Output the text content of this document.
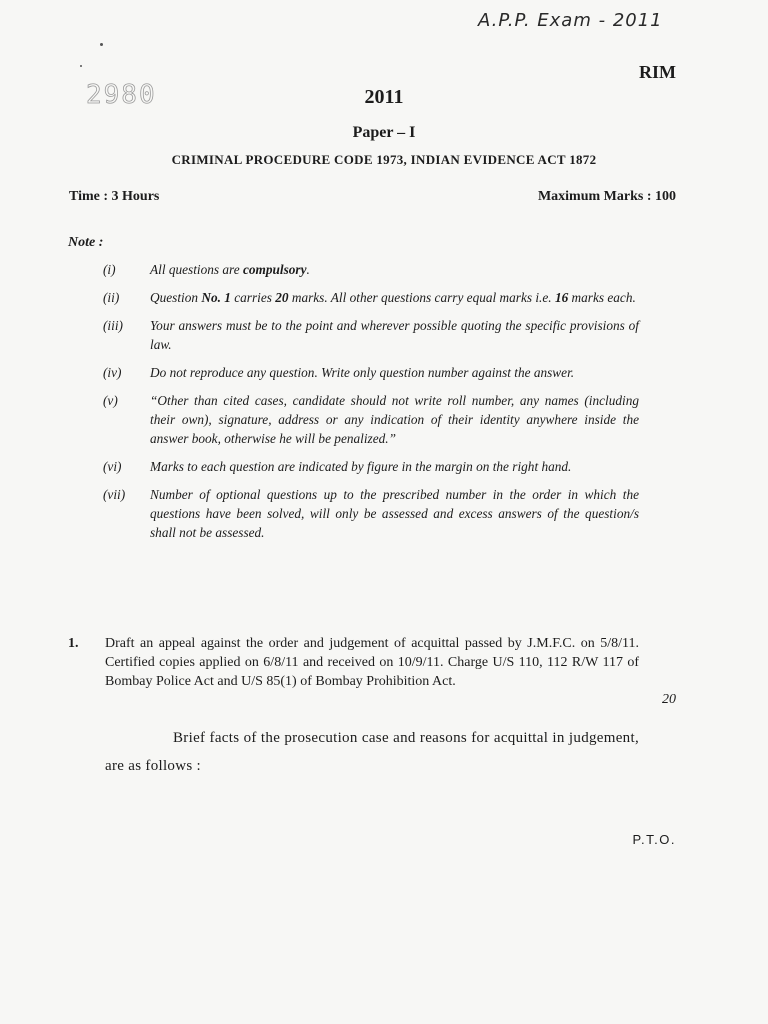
A.P.P. Exam - 2011
2980
RIM
2011
Paper – I
CRIMINAL PROCEDURE CODE 1973, INDIAN EVIDENCE ACT 1872
Time : 3 Hours	Maximum Marks : 100
Note :
(i)	All questions are compulsory.
(ii) Question No. 1 carries 20 marks. All other questions carry equal marks i.e. 16 marks each.
(iii) Your answers must be to the point and wherever possible quoting the specific provisions of law.
(iv) Do not reproduce any question. Write only question number against the answer.
(v) “Other than cited cases, candidate should not write roll number, any names (including their own), signature, address or any indication of their identity anywhere inside the answer book, otherwise he will be penalized.”
(vi) Marks to each question are indicated by figure in the margin on the right hand.
(vii) Number of optional questions up to the prescribed number in the order in which the questions have been solved, will only be assessed and excess answers of the question/s shall not be assessed.
1. Draft an appeal against the order and judgement of acquittal passed by J.M.F.C. on 5/8/11. Certified copies applied on 6/8/11 and received on 10/9/11. Charge U/S 110, 112 R/W 117 of Bombay Police Act and U/S 85(1) of Bombay Prohibition Act.
20
Brief facts of the prosecution case and reasons for acquittal in judgement, are as follows :
P.T.O.
